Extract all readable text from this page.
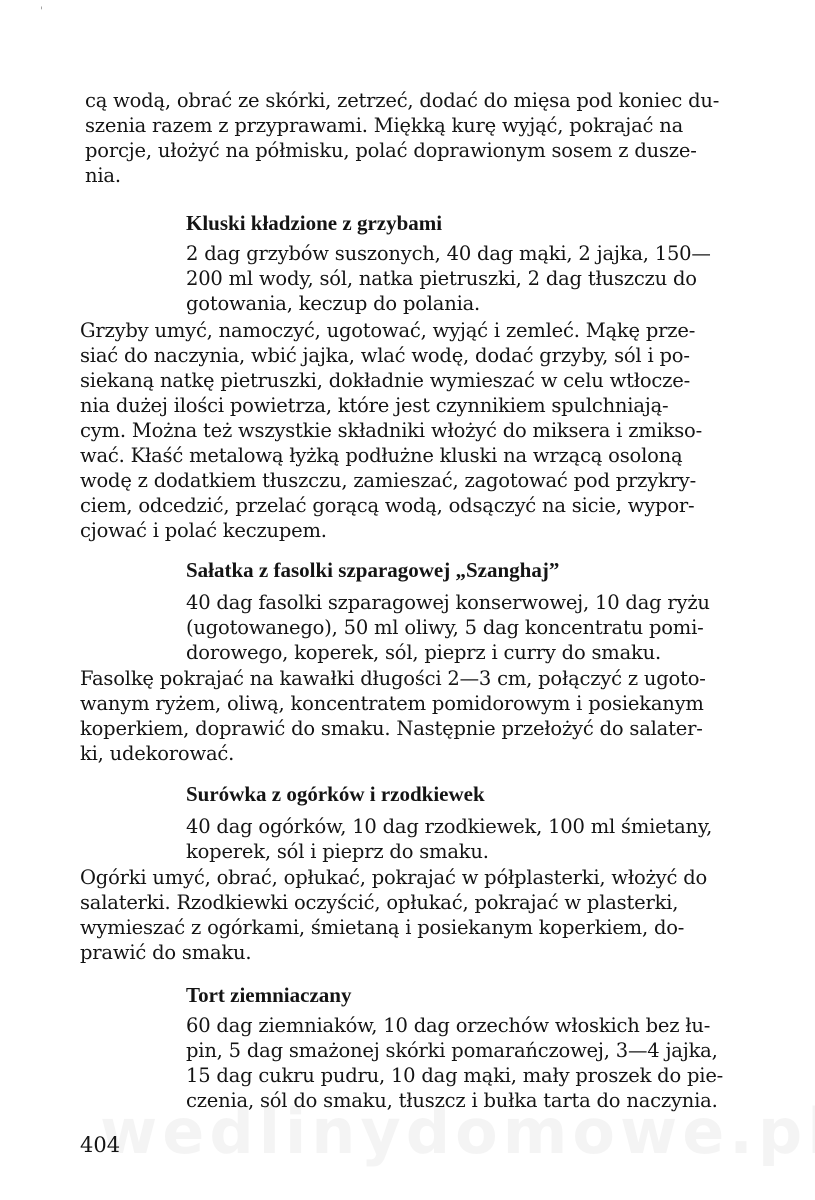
'
cą wodą, obrać ze skórki, zetrzeć, dodać do mięsa pod koniec du-
szenia razem z przyprawami. Miękką kurę wyjąć, pokrajać na
porcje, ułożyć na półmisku, polać doprawionym sosem z dusze-
nia.
Kluski kładzione z grzybami
2 dag grzybów suszonych, 40 dag mąki, 2 jajka, 150—
200 ml wody, sól, natka pietruszki, 2 dag tłuszczu do
gotowania, keczup do polania.
Grzyby umyć, namoczyć, ugotować, wyjąć i zemleć. Mąkę prze-
siać do naczynia, wbić jajka, wlać wodę, dodać grzyby, sól i po-
siekaną natkę pietruszki, dokładnie wymieszać w celu wtłocze-
nia dużej ilości powietrza, które jest czynnikiem spulchniają-
cym. Można też wszystkie składniki włożyć do miksera i zmikso-
wać. Kłaść metalową łyżką podłużne kluski na wrzącą osoloną
wodę z dodatkiem tłuszczu, zamieszać, zagotować pod przykry-
ciem, odcedzić, przelać gorącą wodą, odsączyć na sicie, wypor-
cjować i polać keczupem.
Sałatka z fasolki szparagowej „Szanghaj”
40 dag fasolki szparagowej konserwowej, 10 dag ryżu
(ugotowanego), 50 ml oliwy, 5 dag koncentratu pomi-
dorowego, koperek, sól, pieprz i curry do smaku.
Fasolkę pokrajać na kawałki długości 2—3 cm, połączyć z ugoto-
wanym ryżem, oliwą, koncentratem pomidorowym i posiekanym
koperkiem, doprawić do smaku. Następnie przełożyć do salater-
ki, udekorować.
Surówka z ogórków i rzodkiewek
40 dag ogórków, 10 dag rzodkiewek, 100 ml śmietany,
koperek, sól i pieprz do smaku.
Ogórki umyć, obrać, opłukać, pokrajać w półplasterki, włożyć do
salaterki. Rzodkiewki oczyścić, opłukać, pokrajać w plasterki,
wymieszać z ogórkami, śmietaną i posiekanym koperkiem, do-
prawić do smaku.
Tort ziemniaczany
60 dag ziemniaków, 10 dag orzechów włoskich bez łu-
pin, 5 dag smażonej skórki pomarańczowej, 3—4 jajka,
15 dag cukru pudru, 10 dag mąki, mały proszek do pie-
czenia, sól do smaku, tłuszcz i bułka tarta do naczynia.
404
